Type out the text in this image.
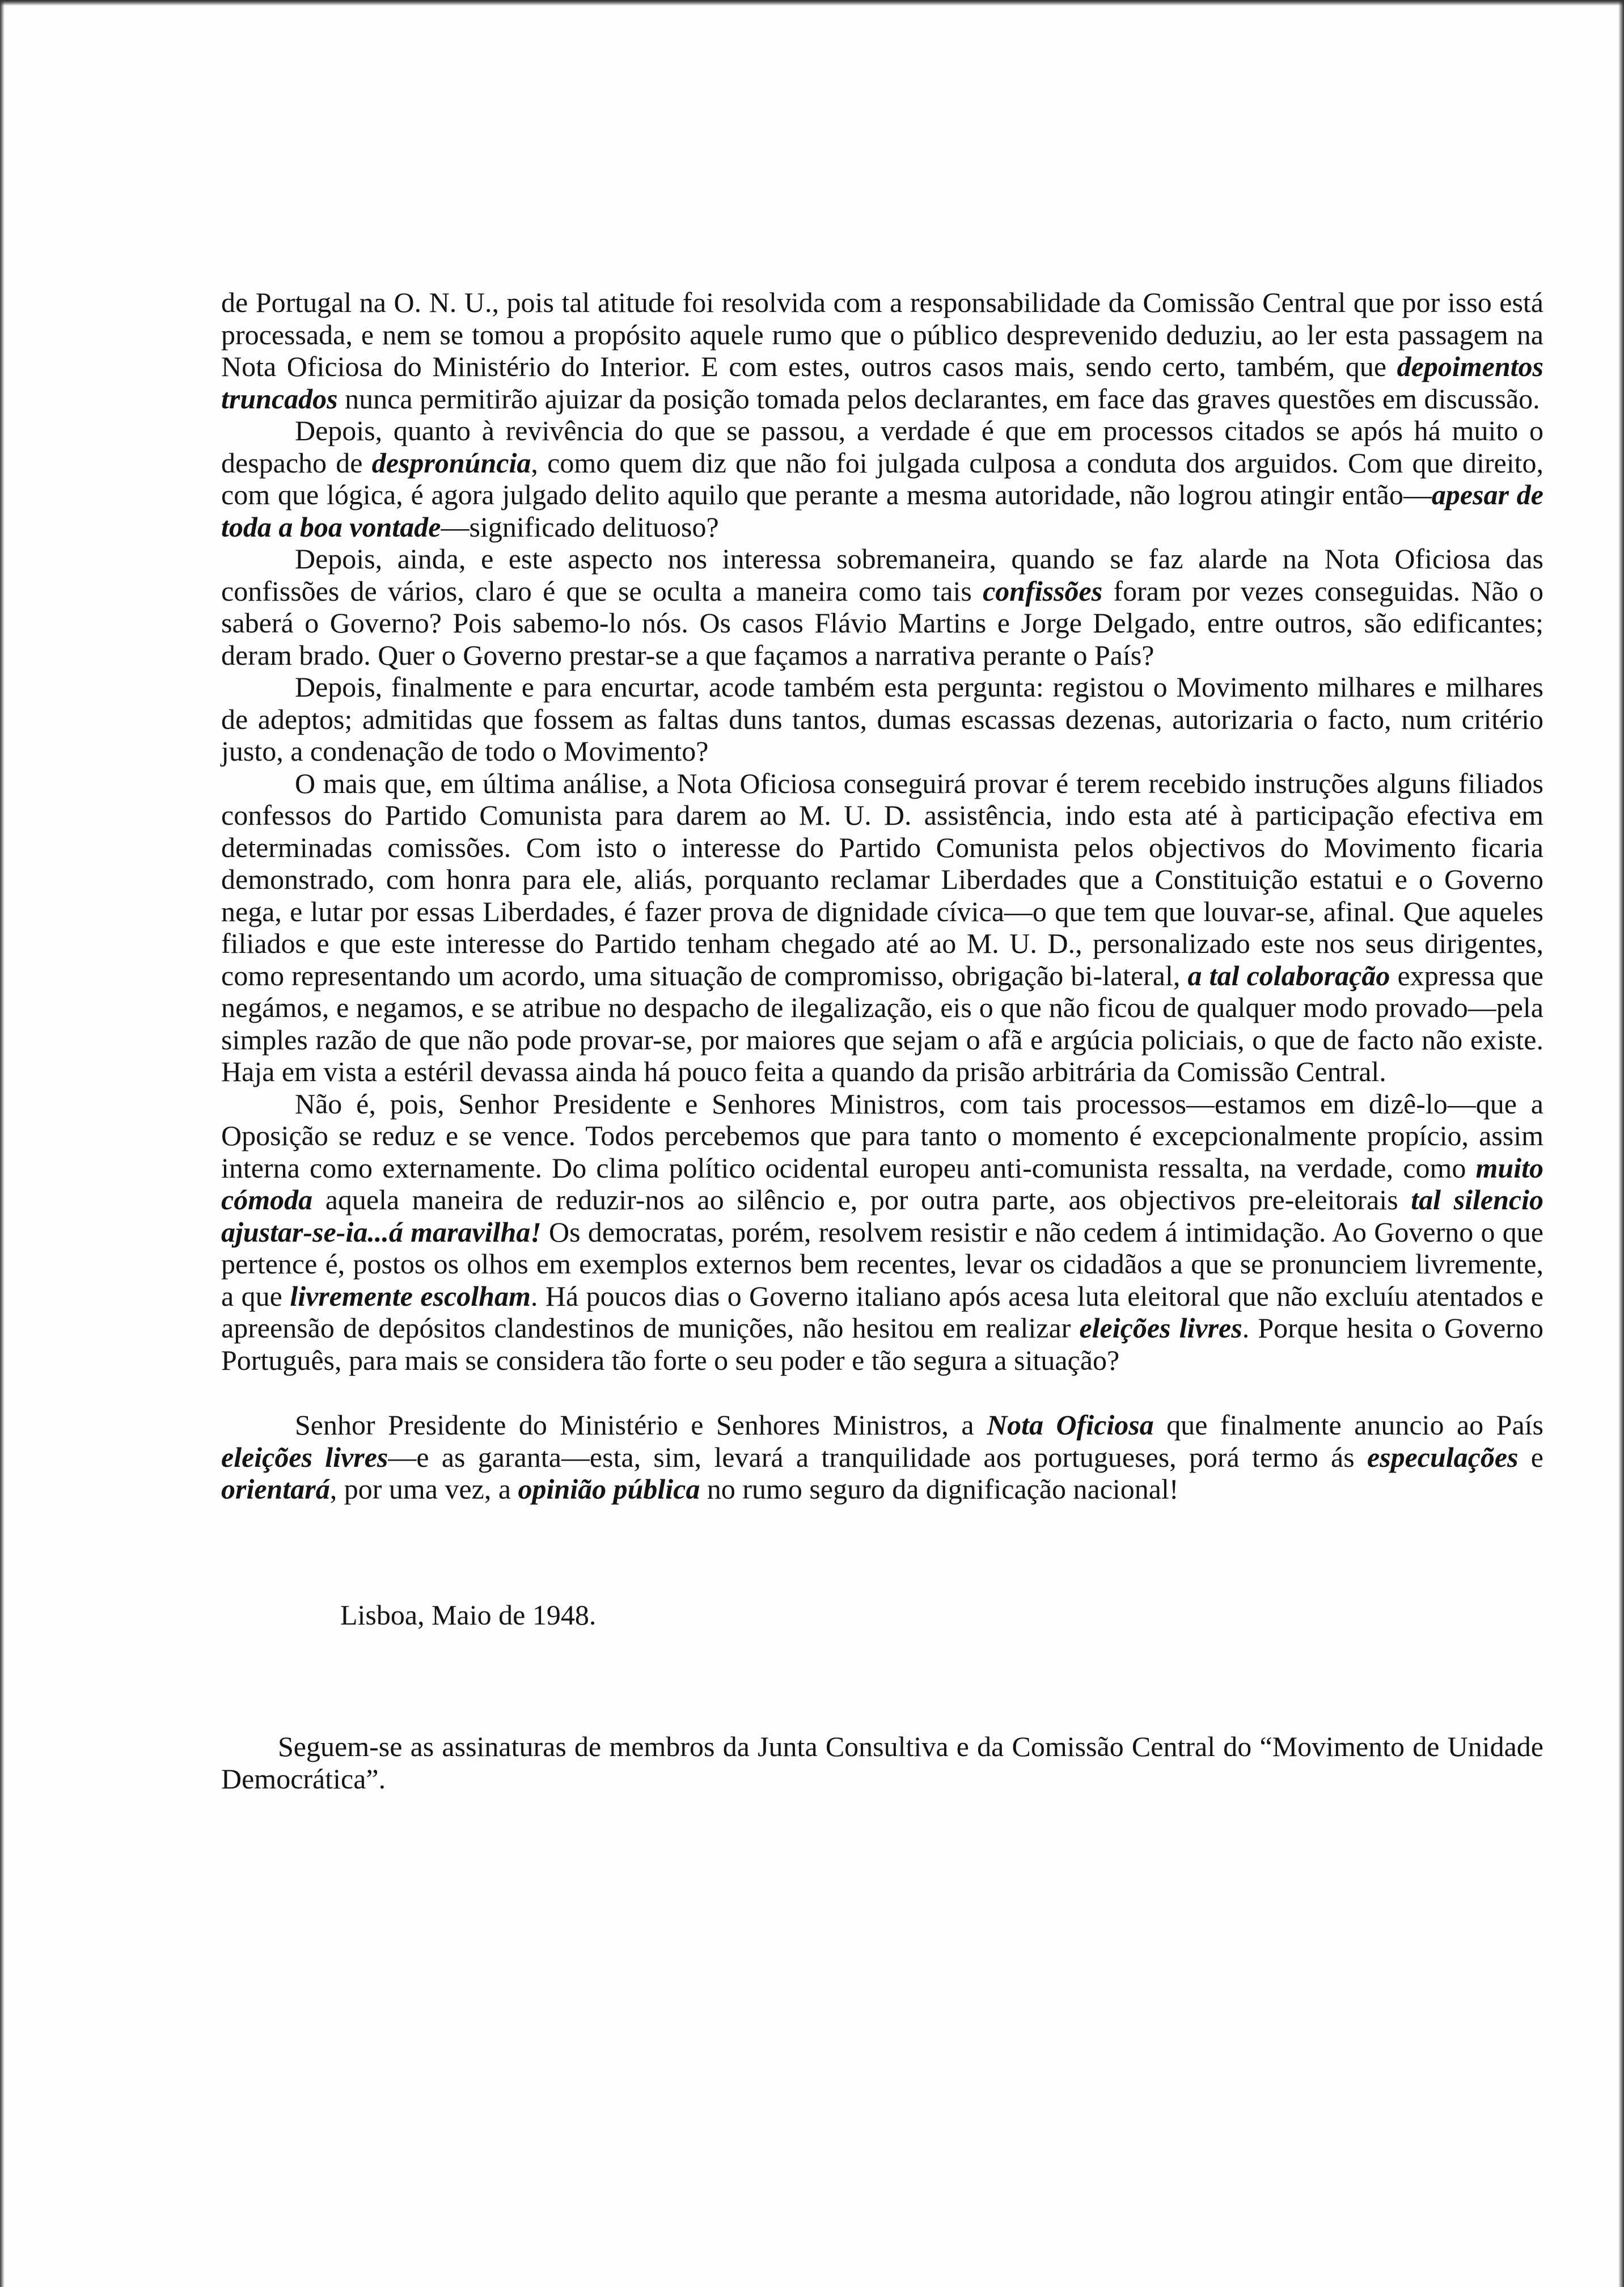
de Portugal na O. N. U., pois tal atitude foi resolvida com a responsabilidade da Comissão Central que por isso está processada, e nem se tomou a propósito aquele rumo que o público desprevenido deduziu, ao ler esta passagem na Nota Oficiosa do Ministério do Interior. E com estes, outros casos mais, sendo certo, também, que depoimentos truncados nunca permitirão ajuizar da posição tomada pelos declarantes, em face das graves questões em discussão.

Depois, quanto à revivência do que se passou, a verdade é que em processos citados se após há muito o despacho de despronúncia, como quem diz que não foi julgada culposa a conduta dos arguidos. Com que direito, com que lógica, é agora julgado delito aquilo que perante a mesma autoridade, não logrou atingir então—apesar de toda a boa vontade—significado delituoso?

Depois, ainda, e este aspecto nos interessa sobremaneira, quando se faz alarde na Nota Oficiosa das confissões de vários, claro é que se oculta a maneira como tais confissões foram por vezes conseguidas. Não o saberá o Governo? Pois sabemo-lo nós. Os casos Flávio Martins e Jorge Delgado, entre outros, são edificantes; deram brado. Quer o Governo prestar-se a que façamos a narrativa perante o País?

Depois, finalmente e para encurtar, acode também esta pergunta: registou o Movimento milhares e milhares de adeptos; admitidas que fossem as faltas duns tantos, dumas escassas dezenas, autorizaria o facto, num critério justo, a condenação de todo o Movimento?

O mais que, em última análise, a Nota Oficiosa conseguirá provar é terem recebido instruções alguns filiados confessos do Partido Comunista para darem ao M. U. D. assistência, indo esta até à participação efectiva em determinadas comissões. Com isto o interesse do Partido Comunista pelos objectivos do Movimento ficaria demonstrado, com honra para ele, aliás, porquanto reclamar Liberdades que a Constituição estatui e o Governo nega, e lutar por essas Liberdades, é fazer prova de dignidade cívica—o que tem que louvar-se, afinal. Que aqueles filiados e que este interesse do Partido tenham chegado até ao M. U. D., personalizado este nos seus dirigentes, como representando um acordo, uma situação de compromisso, obrigação bi-lateral, a tal colaboração expressa que negámos, e negamos, e se atribue no despacho de ilegalização, eis o que não ficou de qualquer modo provado—pela simples razão de que não pode provar-se, por maiores que sejam o afã e argúcia policiais, o que de facto não existe. Haja em vista a estéril devassa ainda há pouco feita a quando da prisão arbitrária da Comissão Central.

Não é, pois, Senhor Presidente e Senhores Ministros, com tais processos—estamos em dizê-lo—que a Oposição se reduz e se vence. Todos percebemos que para tanto o momento é excepcionalmente propício, assim interna como externamente. Do clima político ocidental europeu anti-comunista ressalta, na verdade, como muito cómoda aquela maneira de reduzir-nos ao silêncio e, por outra parte, aos objectivos pre-eleitorais tal silencio ajustar-se-ia...á maravilha! Os democratas, porém, resolvem resistir e não cedem á intimidação. Ao Governo o que pertence é, postos os olhos em exemplos externos bem recentes, levar os cidadãos a que se pronunciem livremente, a que livremente escolham. Há poucos dias o Governo italiano após acesa luta eleitoral que não excluíu atentados e apreensão de depósitos clandestinos de munições, não hesitou em realizar eleições livres. Porque hesita o Governo Português, para mais se considera tão forte o seu poder e tão segura a situação?

Senhor Presidente do Ministério e Senhores Ministros, a Nota Oficiosa que finalmente anuncio ao País eleições livres—e as garanta—esta, sim, levará a tranquilidade aos portugueses, porá termo ás especulações e orientará, por uma vez, a opinião pública no rumo seguro da dignificação nacional!

Lisboa, Maio de 1948.

Seguem-se as assinaturas de membros da Junta Consultiva e da Comissão Central do “Movimento de Unidade Democrática”.
